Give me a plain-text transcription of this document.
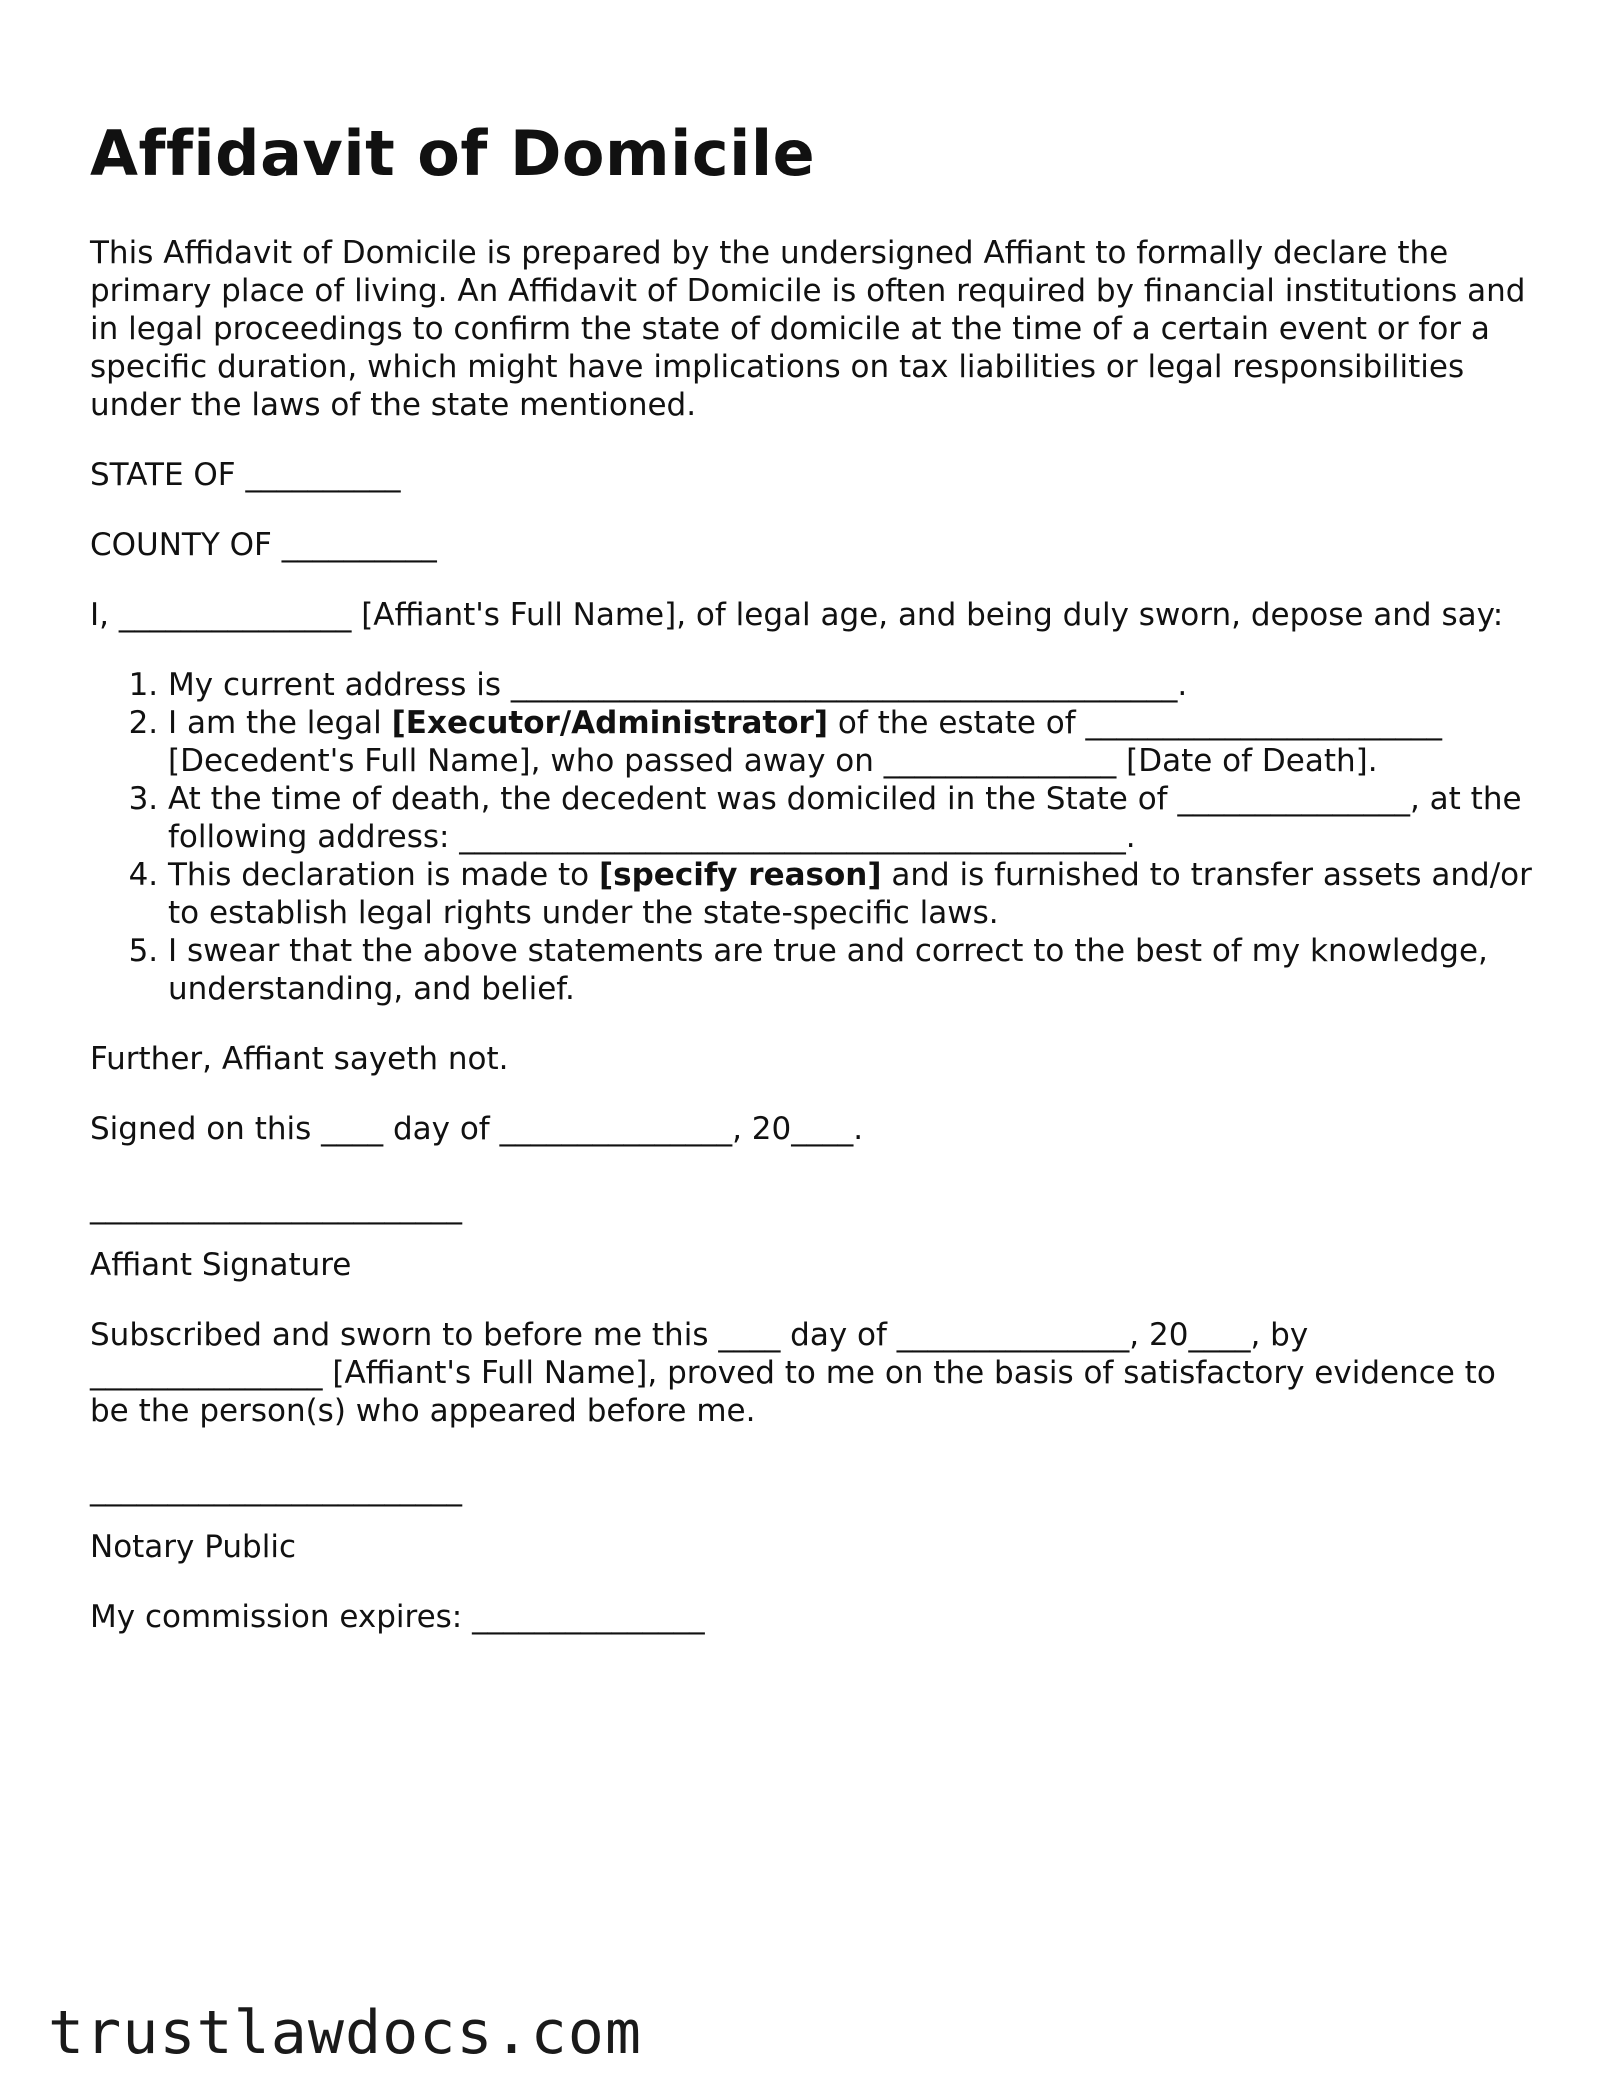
Affidavit of Domicile

This Affidavit of Domicile is prepared by the undersigned Affiant to formally declare the primary place of living. An Affidavit of Domicile is often required by financial institutions and in legal proceedings to confirm the state of domicile at the time of a certain event or for a specific duration, which might have implications on tax liabilities or legal responsibilities under the laws of the state mentioned.

STATE OF __________

COUNTY OF __________

I, _______________ [Affiant's Full Name], of legal age, and being duly sworn, depose and say:

1. My current address is ___________________________________________.
2. I am the legal [Executor/Administrator] of the estate of _______________________ [Decedent's Full Name], who passed away on _______________ [Date of Death].
3. At the time of death, the decedent was domiciled in the State of _______________, at the following address: ___________________________________________.
4. This declaration is made to [specify reason] and is furnished to transfer assets and/or to establish legal rights under the state-specific laws.
5. I swear that the above statements are true and correct to the best of my knowledge, understanding, and belief.

Further, Affiant sayeth not.

Signed on this ____ day of _______________, 20____.

________________________

Affiant Signature

Subscribed and sworn to before me this ____ day of _______________, 20____, by _______________ [Affiant's Full Name], proved to me on the basis of satisfactory evidence to be the person(s) who appeared before me.

________________________

Notary Public

My commission expires: _______________

trustlawdocs.com
